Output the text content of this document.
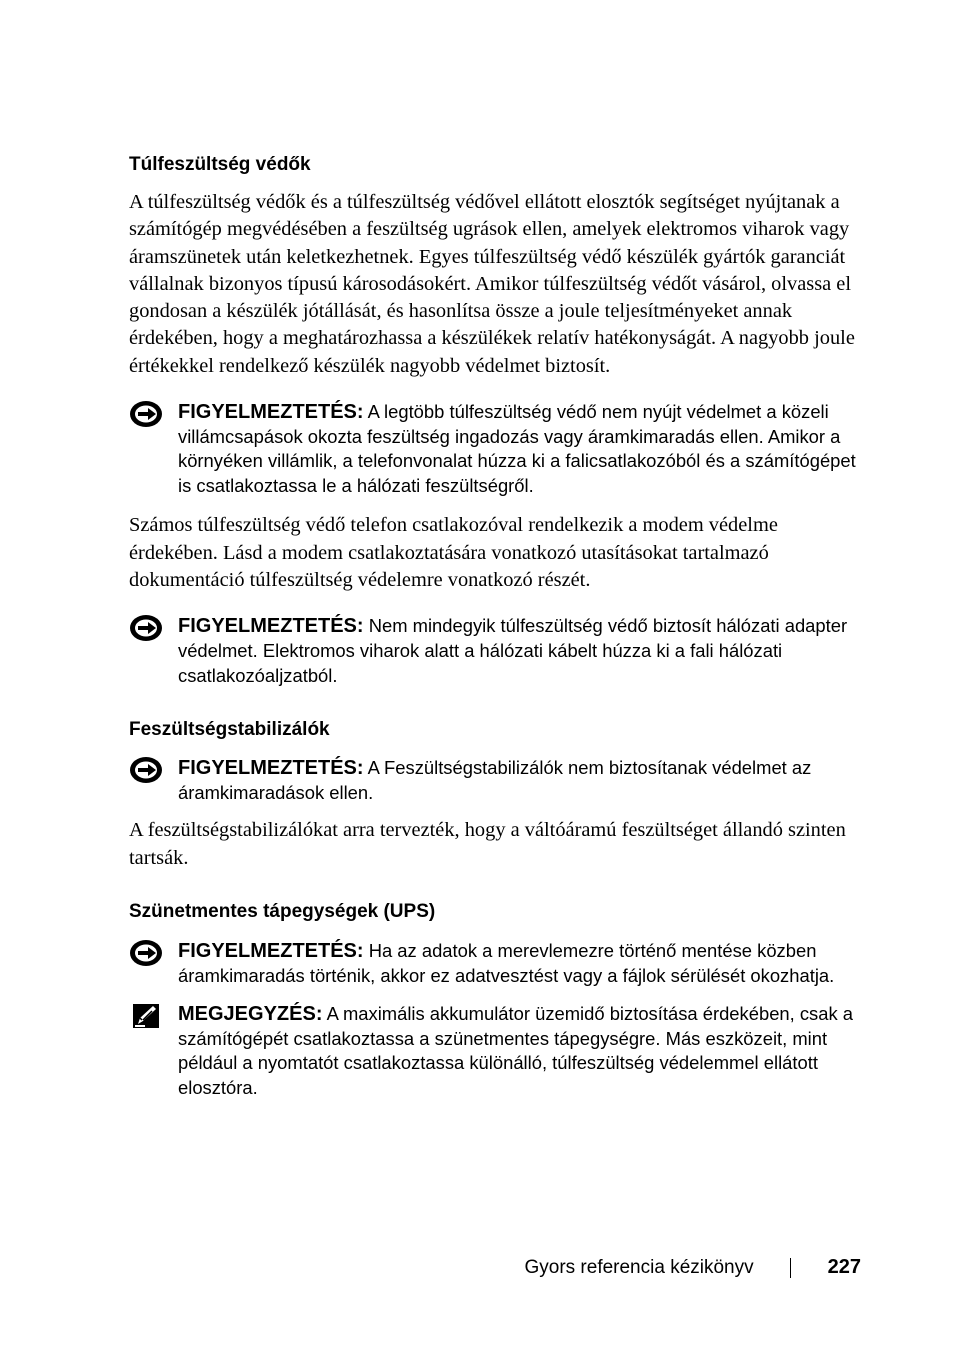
Túlfeszültség védők

A túlfeszültség védők és a túlfeszültség védővel ellátott elosztók segítséget nyújtanak a számítógép megvédésében a feszültség ugrások ellen, amelyek elektromos viharok vagy áramszünetek után keletkezhetnek. Egyes túlfeszültség védő készülék gyártók garanciát vállalnak bizonyos típusú károsodásokért. Amikor túlfeszültség védőt vásárol, olvassa el gondosan a készülék jótállását, és hasonlítsa össze a joule teljesítményeket annak érdekében, hogy a meghatározhassa a készülékek relatív hatékonyságát. A nagyobb joule értékekkel rendelkező készülék nagyobb védelmet biztosít.

FIGYELMEZTETÉS: A legtöbb túlfeszültség védő nem nyújt védelmet a közeli villámcsapások okozta feszültség ingadozás vagy áramkimaradás ellen. Amikor a környéken villámlik, a telefonvonalat húzza ki a falicsatlakozóból és a számítógépet is csatlakoztassa le a hálózati feszültségről.

Számos túlfeszültség védő telefon csatlakozóval rendelkezik a modem védelme érdekében. Lásd a modem csatlakoztatására vonatkozó utasításokat tartalmazó dokumentáció túlfeszültség védelemre vonatkozó részét.

FIGYELMEZTETÉS: Nem mindegyik túlfeszültség védő biztosít hálózati adapter védelmet. Elektromos viharok alatt a hálózati kábelt húzza ki a fali hálózati csatlakozóaljzatból.
Feszültségstabilizálók
FIGYELMEZTETÉS: A Feszültségstabilizálók nem biztosítanak védelmet az áramkimaradások ellen.

A feszültségstabilizálókat arra tervezték, hogy a váltóáramú feszültséget állandó szinten tartsák.

Szünetmentes tápegységek (UPS)
FIGYELMEZTETÉS: Ha az adatok a merevlemezre történő mentése közben áramkimaradás történik, akkor ez adatvesztést vagy a fájlok sérülését okozhatja.
MEGJEGYZÉS: A maximális akkumulátor üzemidő biztosítása érdekében, csak a számítógépét csatlakoztassa a szünetmentes tápegységre. Más eszközeit, mint például a nyomtatót csatlakoztassa különálló, túlfeszültség védelemmel ellátott elosztóra.
Gyors referencia kézikönyv	227
